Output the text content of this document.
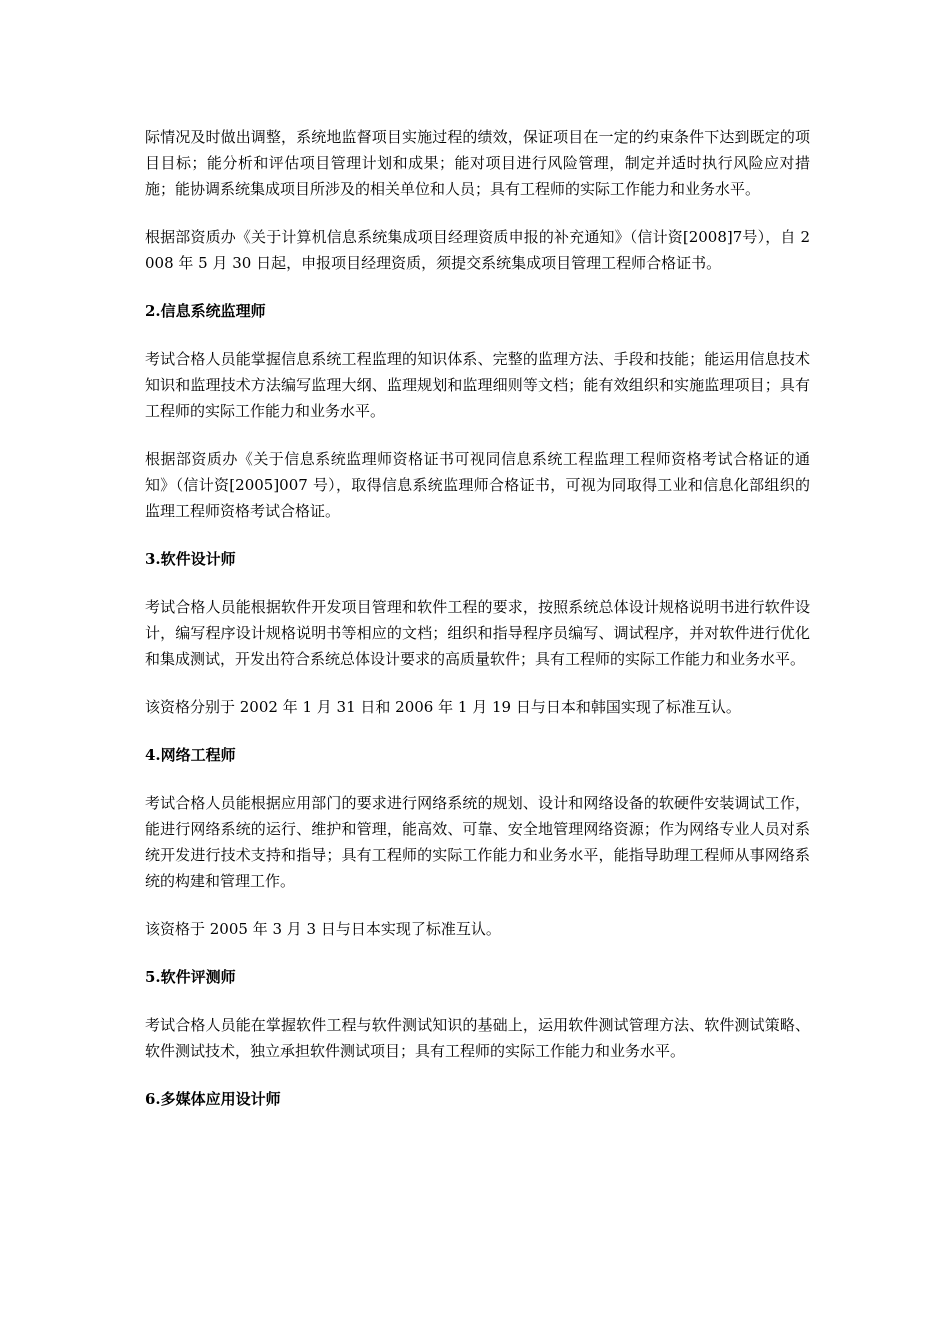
际情况及时做出调整，系统地监督项目实施过程的绩效，保证项目在一定的约束条件下达到既定的项目目标；能分析和评估项目管理计划和成果；能对项目进行风险管理，制定并适时执行风险应对措施；能协调系统集成项目所涉及的相关单位和人员；具有工程师的实际工作能力和业务水平。

根据部资质办《关于计算机信息系统集成项目经理资质申报的补充通知》（信计资[2008]7号），自 2008 年 5 月 30 日起，申报项目经理资质，须提交系统集成项目管理工程师合格证书。

2.信息系统监理师

考试合格人员能掌握信息系统工程监理的知识体系、完整的监理方法、手段和技能；能运用信息技术知识和监理技术方法编写监理大纲、监理规划和监理细则等文档；能有效组织和实施监理项目；具有工程师的实际工作能力和业务水平。

根据部资质办《关于信息系统监理师资格证书可视同信息系统工程监理工程师资格考试合格证的通知》（信计资[2005]007 号），取得信息系统监理师合格证书，可视为同取得工业和信息化部组织的监理工程师资格考试合格证。

3.软件设计师

考试合格人员能根据软件开发项目管理和软件工程的要求，按照系统总体设计规格说明书进行软件设计，编写程序设计规格说明书等相应的文档；组织和指导程序员编写、调试程序，并对软件进行优化和集成测试，开发出符合系统总体设计要求的高质量软件；具有工程师的实际工作能力和业务水平。

该资格分别于 2002 年 1 月 31 日和 2006 年 1 月 19 日与日本和韩国实现了标准互认。

4.网络工程师

考试合格人员能根据应用部门的要求进行网络系统的规划、设计和网络设备的软硬件安装调试工作，能进行网络系统的运行、维护和管理，能高效、可靠、安全地管理网络资源；作为网络专业人员对系统开发进行技术支持和指导；具有工程师的实际工作能力和业务水平，能指导助理工程师从事网络系统的构建和管理工作。

该资格于 2005 年 3 月 3 日与日本实现了标准互认。

5.软件评测师

考试合格人员能在掌握软件工程与软件测试知识的基础上，运用软件测试管理方法、软件测试策略、软件测试技术，独立承担软件测试项目；具有工程师的实际工作能力和业务水平。

6.多媒体应用设计师
